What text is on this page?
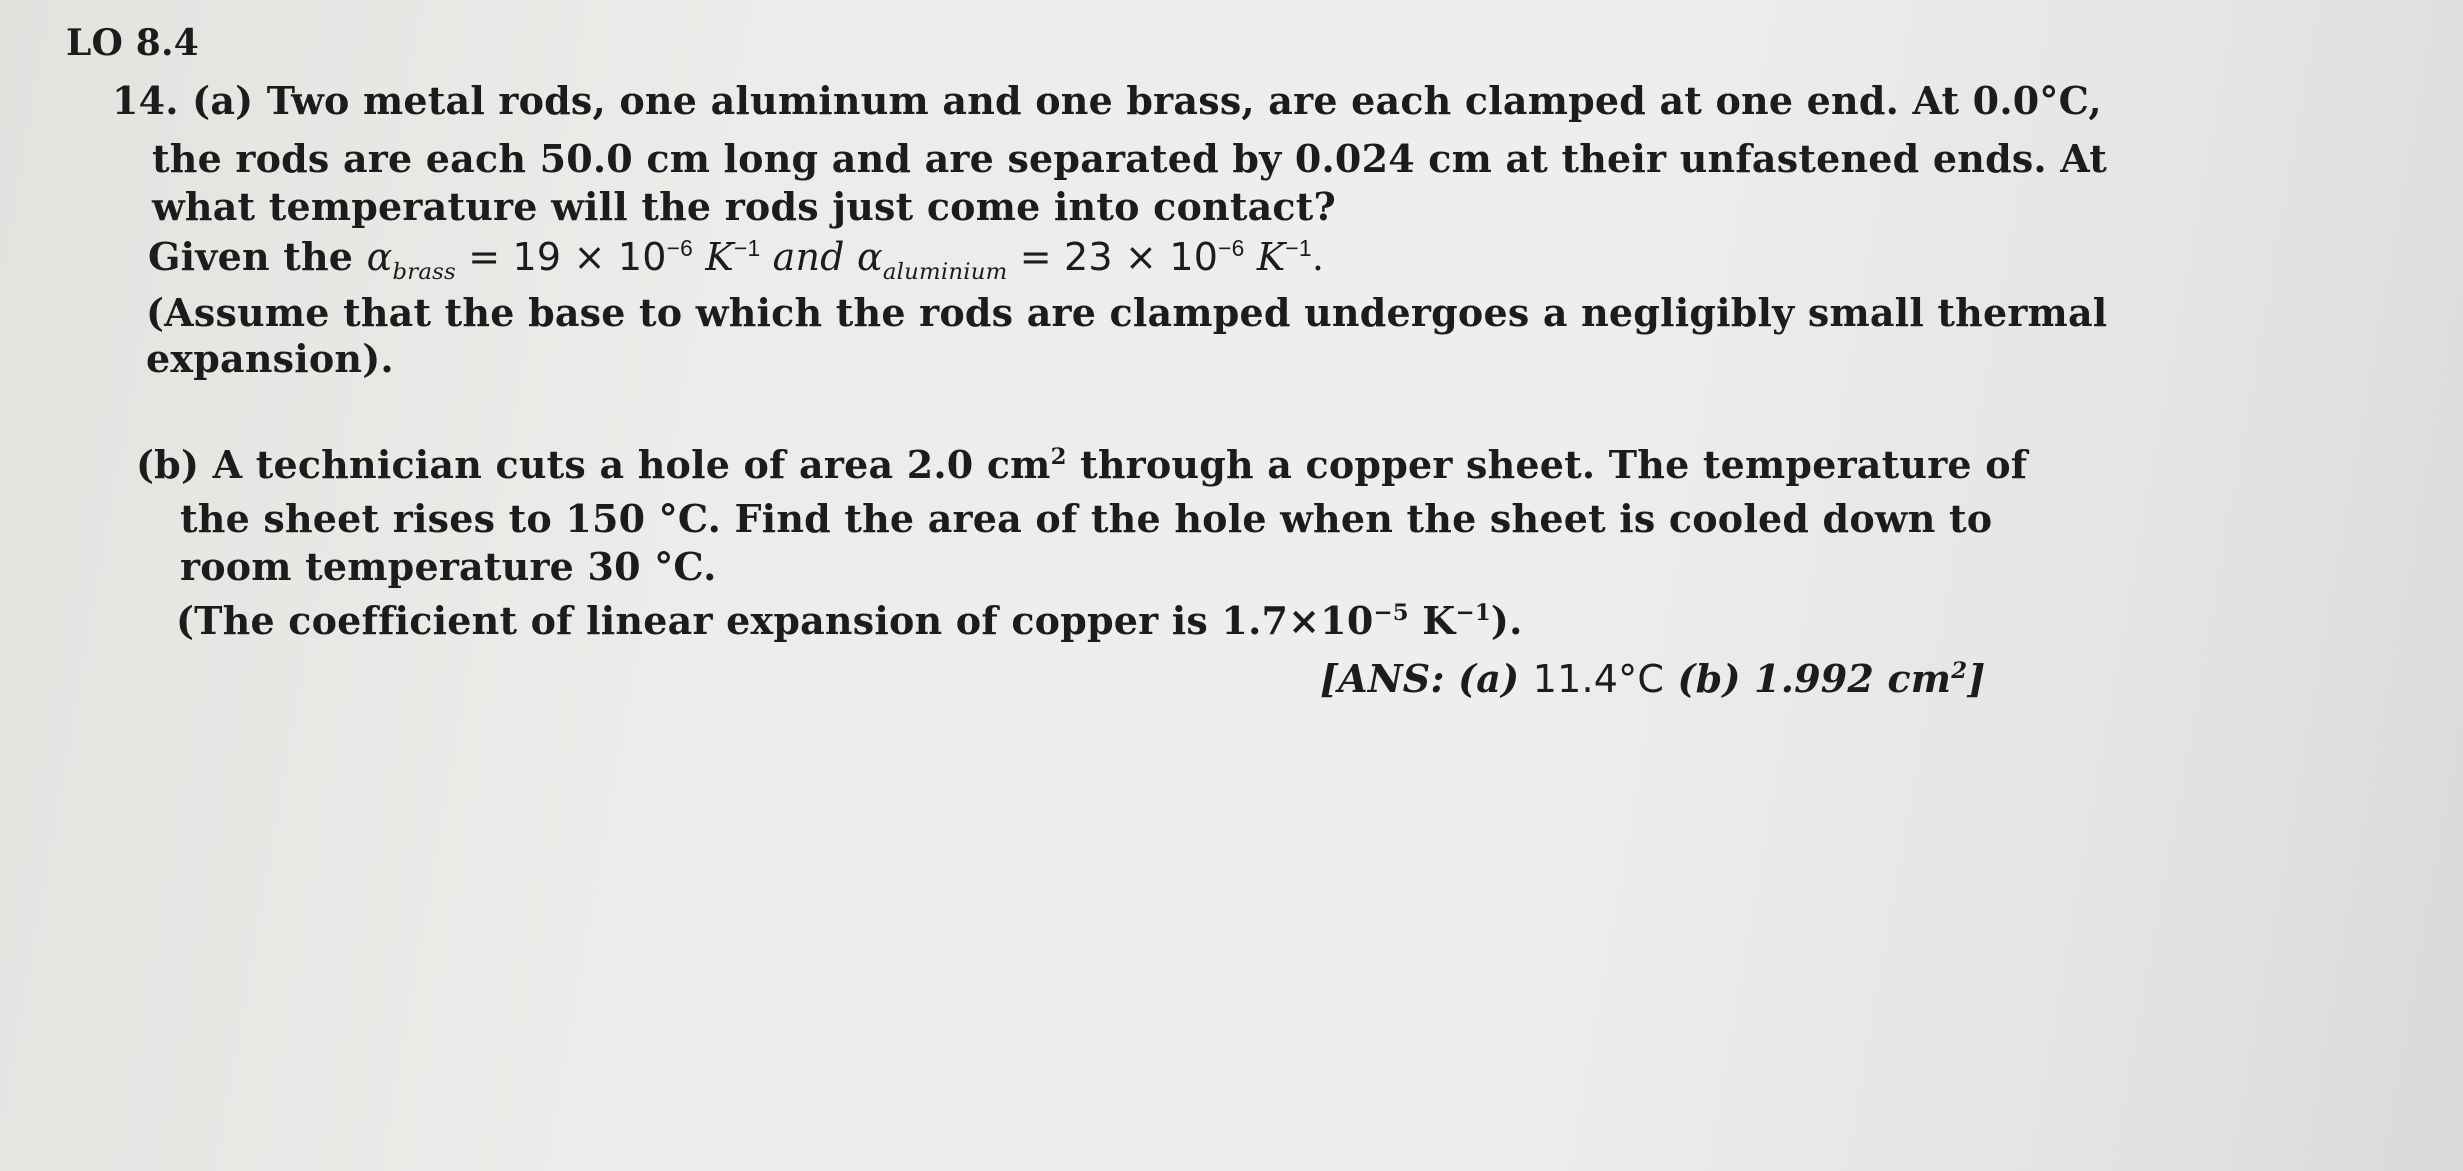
LO 8.4
14. (a) Two metal rods, one aluminum and one brass, are each clamped at one end. At 0.0°C,
the rods are each 50.0 cm long and are separated by 0.024 cm at their unfastened ends. At
what temperature will the rods just come into contact?
Given the $\alpha_{brass} = 19 \times 10^{-6}$ $K^{-1}$ and $\alpha_{aluminium} = 23 \times 10^{-6}$ $K^{-1}$.
(Assume that the base to which the rods are clamped undergoes a negligibly small thermal
expansion).
(b) A technician cuts a hole of area 2.0 $cm^2$ through a copper sheet. The temperature of
the sheet rises to 150 °C. Find the area of the hole when the sheet is cooled down to
room temperature 30 °C.
(The coefficient of linear expansion of copper is $1.7\times 10^{-5}$ $K^{-1}$).
[ANS: (a) 11.4°C (b) 1.992 $cm^2$]
